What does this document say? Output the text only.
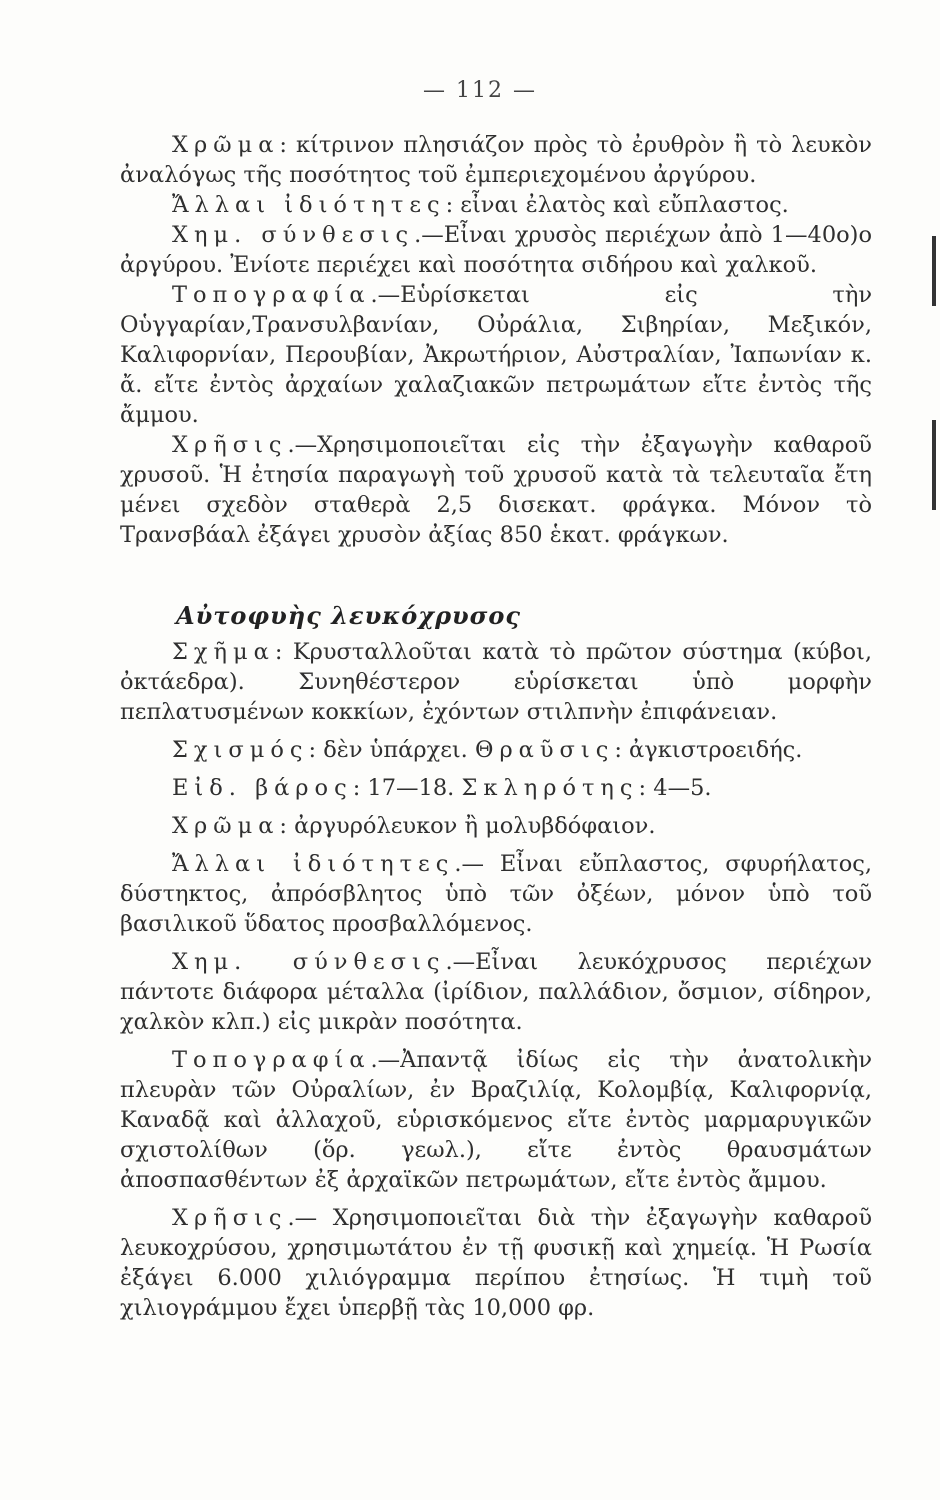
— 112 —

Χρῶμα: κίτρινον πλησιάζον πρὸς τὸ ἐρυθρὸν ἢ τὸ λευκὸν ἀναλόγως τῆς ποσότητος τοῦ ἐμπεριεχομένου ἀργύρου.

Ἄλλαι ἰδιότητες: εἶναι ἐλατὸς καὶ εὔπλαστος.

Χημ. σύνθεσις.—Εἶναι χρυσὸς περιέχων ἀπὸ 1—40ο)ο ἀργύρου. Ἐνίοτε περιέχει καὶ ποσότητα σιδήρου καὶ χαλκοῦ.

Τοπογραφία.—Εὑρίσκεται εἰς τὴν Οὑγγαρίαν,Τρανσυλβανίαν, Οὐράλια, Σιβηρίαν, Μεξικόν, Καλιφορνίαν, Περουβίαν, Ἀκρωτήριον, Αὐστραλίαν, Ἰαπωνίαν κ. ἄ. εἴτε ἐντὸς ἀρχαίων χαλαζιακῶν πετρωμάτων εἴτε ἐντὸς τῆς ἄμμου.

Χρῆσις.—Χρησιμοποιεῖται εἰς τὴν ἐξαγωγὴν καθαροῦ χρυσοῦ. Ἡ ἐτησία παραγωγὴ τοῦ χρυσοῦ κατὰ τὰ τελευταῖα ἔτη μένει σχεδὸν σταθερὰ 2,5 δισεκατ. φράγκα. Μόνον τὸ Τρανσβάαλ ἐξάγει χρυσὸν ἀξίας 850 ἑκατ. φράγκων.

Αὐτοφυὴς λευκόχρυσος

Σχῆμα: Κρυσταλλοῦται κατὰ τὸ πρῶτον σύστημα (κύβοι, ὀκτάεδρα). Συνηθέστερον εὑρίσκεται ὑπὸ μορφὴν πεπλατυσμένων κοκκίων, ἐχόντων στιλπνὴν ἐπιφάνειαν.

Σχισμός: δὲν ὑπάρχει. Θραῦσις: ἀγκιστροειδής.

Εἰδ. βάρος: 17—18. Σκληρότης: 4—5.

Χρῶμα: ἀργυρόλευκον ἢ μολυβδόφαιον.

Ἄλλαι ἰδιότητες.— Εἶναι εὔπλαστος, σφυρήλατος, δύστηκτος, ἀπρόσβλητος ὑπὸ τῶν ὀξέων, μόνον ὑπὸ τοῦ βασιλικοῦ ὕδατος προσβαλλόμενος.

Χημ. σύνθεσις.—Εἶναι λευκόχρυσος περιέχων πάντοτε διάφορα μέταλλα (ἰρίδιον, παλλάδιον, ὄσμιον, σίδηρον, χαλκὸν κλπ.) εἰς μικρὰν ποσότητα.

Τοπογραφία.—Ἀπαντᾷ ἰδίως εἰς τὴν ἀνατολικὴν πλευρὰν τῶν Οὐραλίων, ἐν Βραζιλίᾳ, Κολομβίᾳ, Καλιφορνίᾳ, Καναδᾷ καὶ ἀλλαχοῦ, εὑρισκόμενος εἴτε ἐντὸς μαρμαρυγικῶν σχιστολίθων (ὅρ. γεωλ.), εἴτε ἐντὸς θραυσμάτων ἀποσπασθέντων ἐξ ἀρχαϊκῶν πετρωμάτων, εἴτε ἐντὸς ἄμμου.

Χρῆσις.— Χρησιμοποιεῖται διὰ τὴν ἐξαγωγὴν καθαροῦ λευκοχρύσου, χρησιμωτάτου ἐν τῇ φυσικῇ καὶ χημείᾳ. Ἡ Ρωσία ἐξάγει 6.000 χιλιόγραμμα περίπου ἐτησίως. Ἡ τιμὴ τοῦ χιλιογράμμου ἔχει ὑπερβῇ τὰς 10,000 φρ.
